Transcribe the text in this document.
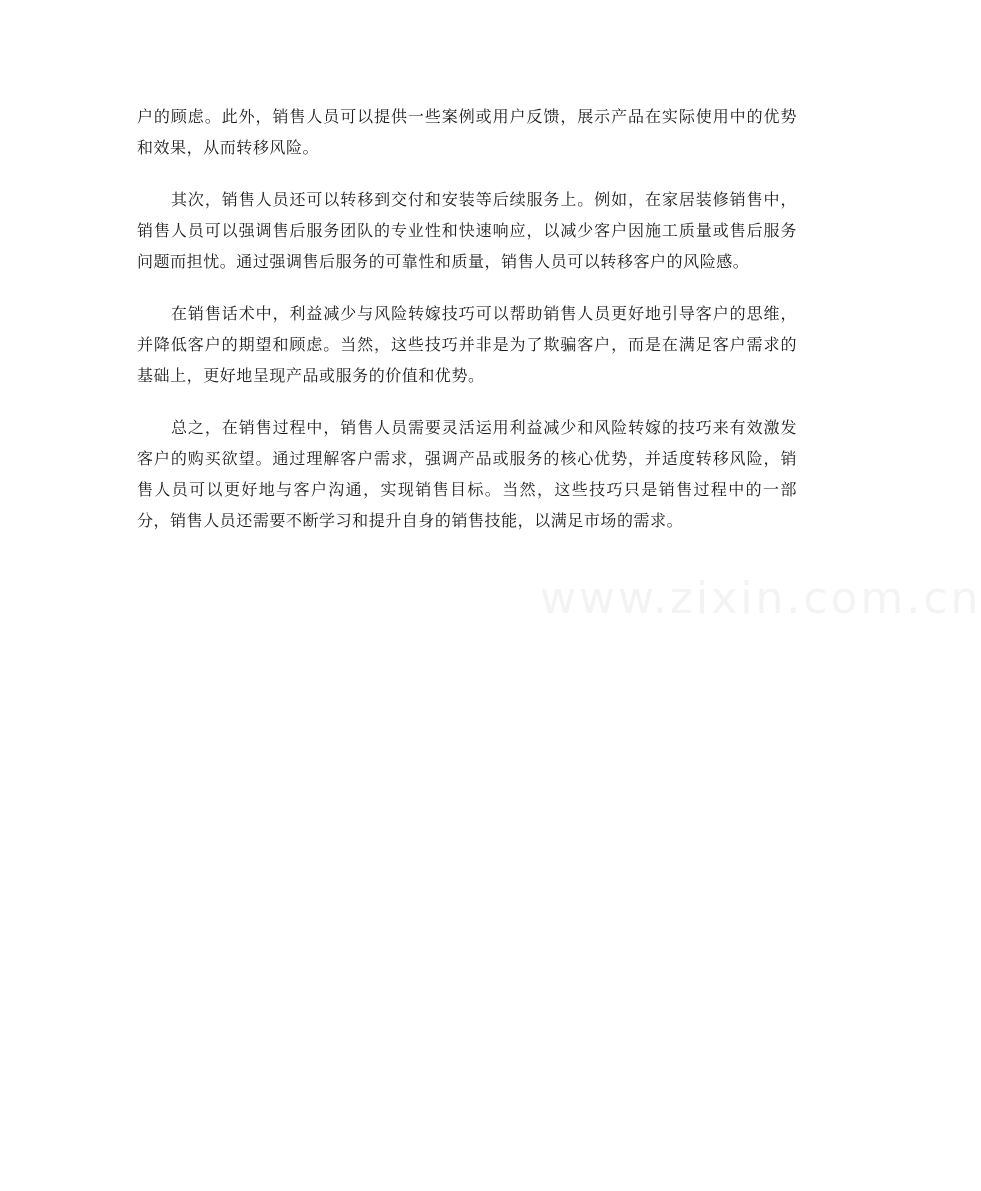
户的顾虑。此外，销售人员可以提供一些案例或用户反馈，展示产品在实际使用中的优势和效果，从而转移风险。

其次，销售人员还可以转移到交付和安装等后续服务上。例如，在家居装修销售中，销售人员可以强调售后服务团队的专业性和快速响应，以减少客户因施工质量或售后服务问题而担忧。通过强调售后服务的可靠性和质量，销售人员可以转移客户的风险感。

在销售话术中，利益减少与风险转嫁技巧可以帮助销售人员更好地引导客户的思维，并降低客户的期望和顾虑。当然，这些技巧并非是为了欺骗客户，而是在满足客户需求的基础上，更好地呈现产品或服务的价值和优势。

总之，在销售过程中，销售人员需要灵活运用利益减少和风险转嫁的技巧来有效激发客户的购买欲望。通过理解客户需求，强调产品或服务的核心优势，并适度转移风险，销售人员可以更好地与客户沟通，实现销售目标。当然，这些技巧只是销售过程中的一部分，销售人员还需要不断学习和提升自身的销售技能，以满足市场的需求。

www.zixin.com.cn
